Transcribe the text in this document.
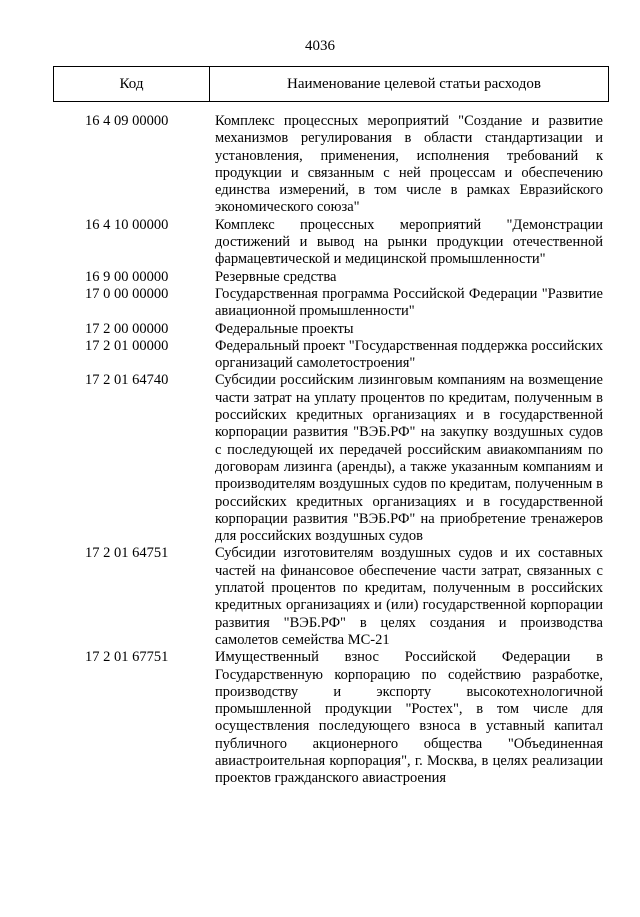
4036
Код	Наименование целевой статьи расходов
16 4 09 00000	Комплекс процессных мероприятий "Создание и развитие механизмов регулирования в области стандартизации и установления, применения, исполнения требований к продукции и связанным с ней процессам и обеспечению единства измерений, в том числе в рамках Евразийского экономического союза"
16 4 10 00000	Комплекс процессных мероприятий "Демонстрации достижений и вывод на рынки продукции отечественной фармацевтической и медицинской промышленности"
16 9 00 00000	Резервные средства
17 0 00 00000	Государственная программа Российской Федерации "Развитие авиационной промышленности"
17 2 00 00000	Федеральные проекты
17 2 01 00000	Федеральный проект "Государственная поддержка российских организаций самолетостроения"
17 2 01 64740	Субсидии российским лизинговым компаниям на возмещение части затрат на уплату процентов по кредитам, полученным в российских кредитных организациях и в государственной корпорации развития "ВЭБ.РФ" на закупку воздушных судов с последующей их передачей российским авиакомпаниям по договорам лизинга (аренды), а также указанным компаниям и производителям воздушных судов по кредитам, полученным в российских кредитных организациях и в государственной корпорации развития "ВЭБ.РФ" на приобретение тренажеров для российских воздушных судов
17 2 01 64751	Субсидии изготовителям воздушных судов и их составных частей на финансовое обеспечение части затрат, связанных с уплатой процентов по кредитам, полученным в российских кредитных организациях и (или) государственной корпорации развития "ВЭБ.РФ" в целях создания и производства самолетов семейства МС-21
17 2 01 67751	Имущественный взнос Российской Федерации в Государственную корпорацию по содействию разработке, производству и экспорту высокотехнологичной промышленной продукции "Ростех", в том числе для осуществления последующего взноса в уставный капитал публичного акционерного общества "Объединенная авиастроительная корпорация", г. Москва, в целях реализации проектов гражданского авиастроения
